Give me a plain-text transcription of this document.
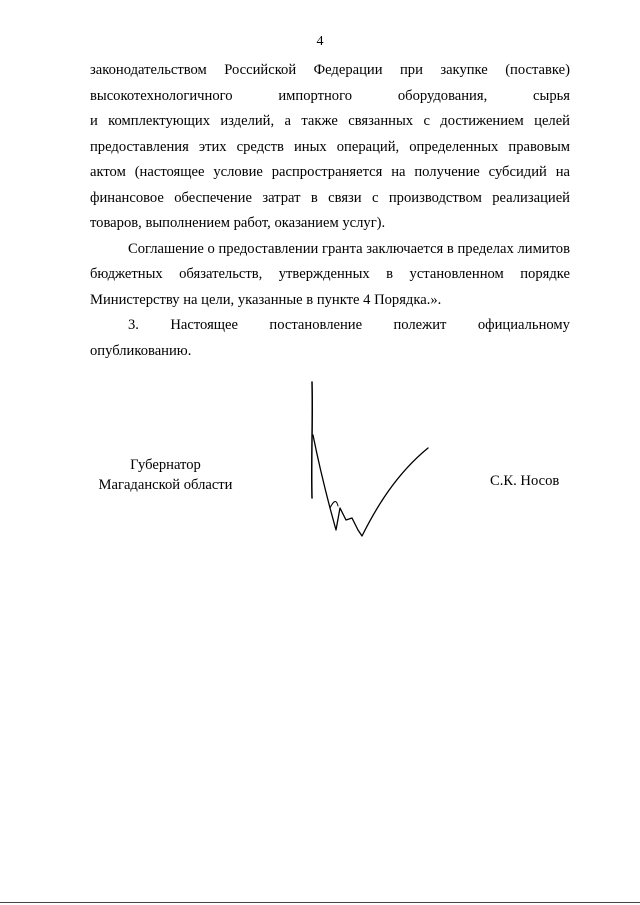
4

законодательством Российской Федерации при закупке (поставке)

высокотехнологичного	импортного	оборудования,	сырья

и комплектующих изделий, а также связанных с достижением целей предоставления этих средств иных операций, определенных правовым актом (настоящее условие распространяется на получение субсидий на финансовое обеспечение затрат в связи с производством реализацией товаров, выполнением работ, оказанием услуг).

Соглашение о предоставлении гранта заключается в пределах лимитов бюджетных обязательств, утвержденных в установленном порядке Министерству на цели, указанные в пункте 4 Порядка.».

3. Настоящее постановление полежит официальному

опубликованию.

Губернатор
Магаданской области	С.К. Носов
